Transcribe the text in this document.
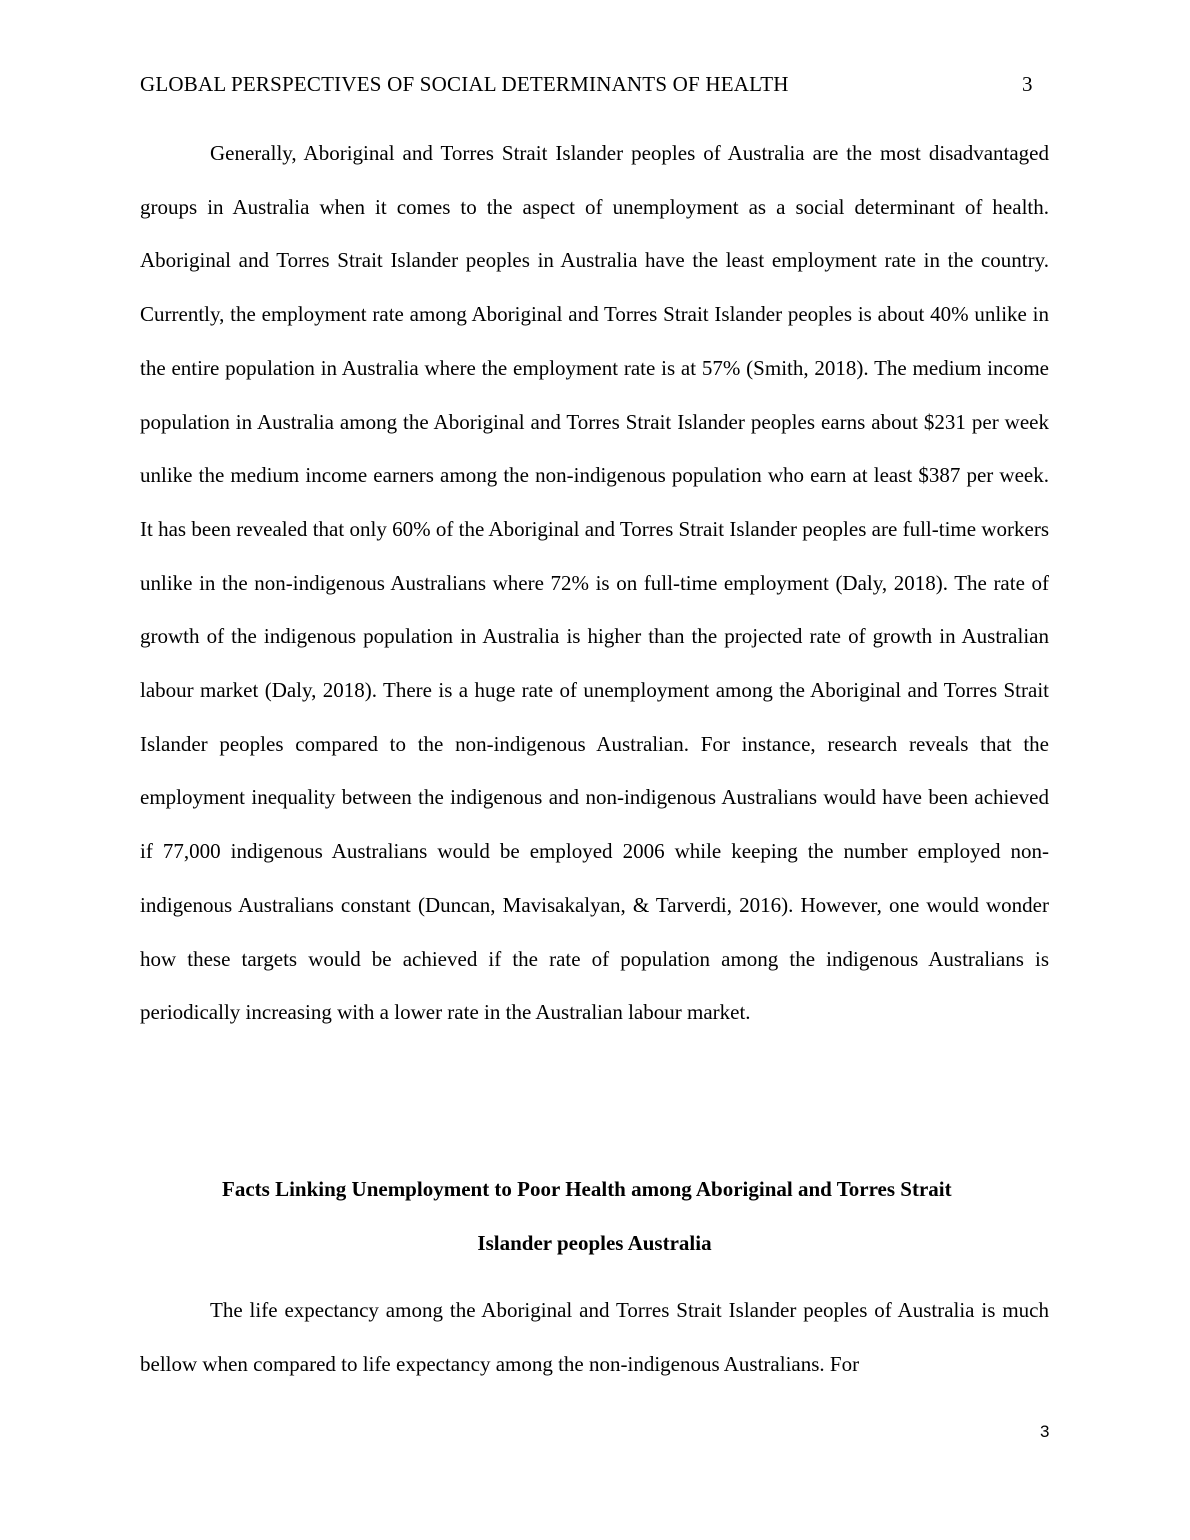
GLOBAL PERSPECTIVES OF SOCIAL DETERMINANTS OF HEALTH	3

Generally, Aboriginal and Torres Strait Islander peoples of Australia are the most disadvantaged groups in Australia when it comes to the aspect of unemployment as a social determinant of health. Aboriginal and Torres Strait Islander peoples in Australia have the least employment rate in the country. Currently, the employment rate among Aboriginal and Torres Strait Islander peoples is about 40% unlike in the entire population in Australia where the employment rate is at 57% (Smith, 2018). The medium income population in Australia among the Aboriginal and Torres Strait Islander peoples earns about $231 per week unlike the medium income earners among the non-indigenous population who earn at least $387 per week. It has been revealed that only 60% of the Aboriginal and Torres Strait Islander peoples are full-time workers unlike in the non-indigenous Australians where 72% is on full-time employment (Daly, 2018). The rate of growth of the indigenous population in Australia is higher than the projected rate of growth in Australian labour market (Daly, 2018). There is a huge rate of unemployment among the Aboriginal and Torres Strait Islander peoples compared to the non-indigenous Australian. For instance, research reveals that the employment inequality between the indigenous and non-indigenous Australians would have been achieved if 77,000 indigenous Australians would be employed 2006 while keeping the number employed non-indigenous Australians constant (Duncan, Mavisakalyan, & Tarverdi, 2016). However, one would wonder how these targets would be achieved if the rate of population among the indigenous Australians is periodically increasing with a lower rate in the Australian labour market.

Facts Linking Unemployment to Poor Health among Aboriginal and Torres Strait
Islander peoples Australia

The life expectancy among the Aboriginal and Torres Strait Islander peoples of Australia is much bellow when compared to life expectancy among the non-indigenous Australians. For

3
